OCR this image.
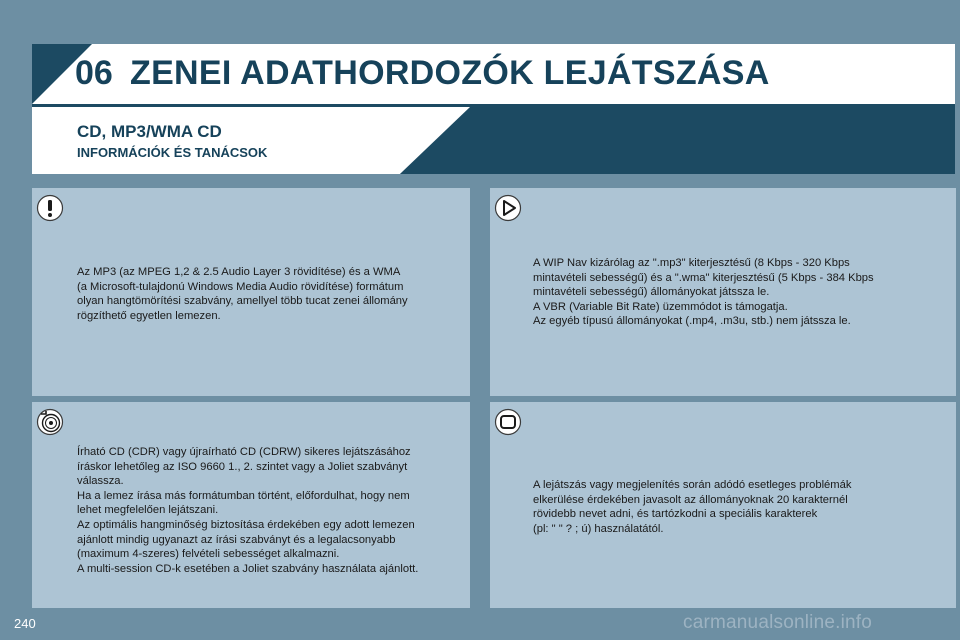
06 ZENEI ADATHORDOZÓK LEJÁTSZÁSA
CD, MP3/WMA CD
INFORMÁCIÓK ÉS TANÁCSOK
Az MP3 (az MPEG 1,2 & 2.5 Audio Layer 3 rövidítése) és a WMA
(a Microsoft-tulajdonú Windows Media Audio rövidítése) formátum
olyan hangtömörítési szabvány, amellyel több tucat zenei állomány
rögzíthető egyetlen lemezen.
A WIP Nav kizárólag az ".mp3" kiterjesztésű (8 Kbps - 320 Kbps
mintavételi sebességű) és a ".wma" kiterjesztésű (5 Kbps - 384 Kbps
mintavételi sebességű) állományokat játssza le.
A VBR (Variable Bit Rate) üzemmódot is támogatja.
Az egyéb típusú állományokat (.mp4, .m3u, stb.) nem játssza le.
Írható CD (CDR) vagy újraírható CD (CDRW) sikeres lejátszásához
íráskor lehetőleg az ISO 9660 1., 2. szintet vagy a Joliet szabványt
válassza.
Ha a lemez írása más formátumban történt, előfordulhat, hogy nem
lehet megfelelően lejátszani.
Az optimális hangminőség biztosítása érdekében egy adott lemezen
ajánlott mindig ugyanazt az írási szabványt és a legalacsonyabb
(maximum 4-szeres) felvételi sebességet alkalmazni.
A multi-session CD-k esetében a Joliet szabvány használata ajánlott.
A lejátszás vagy megjelenítés során adódó esetleges problémák
elkerülése érdekében javasolt az állományoknak 20 karakternél
rövidebb nevet adni, és tartózkodni a speciális karakterek
(pl: " " ? ; ú) használatától.
240	carmanualsonline.info
